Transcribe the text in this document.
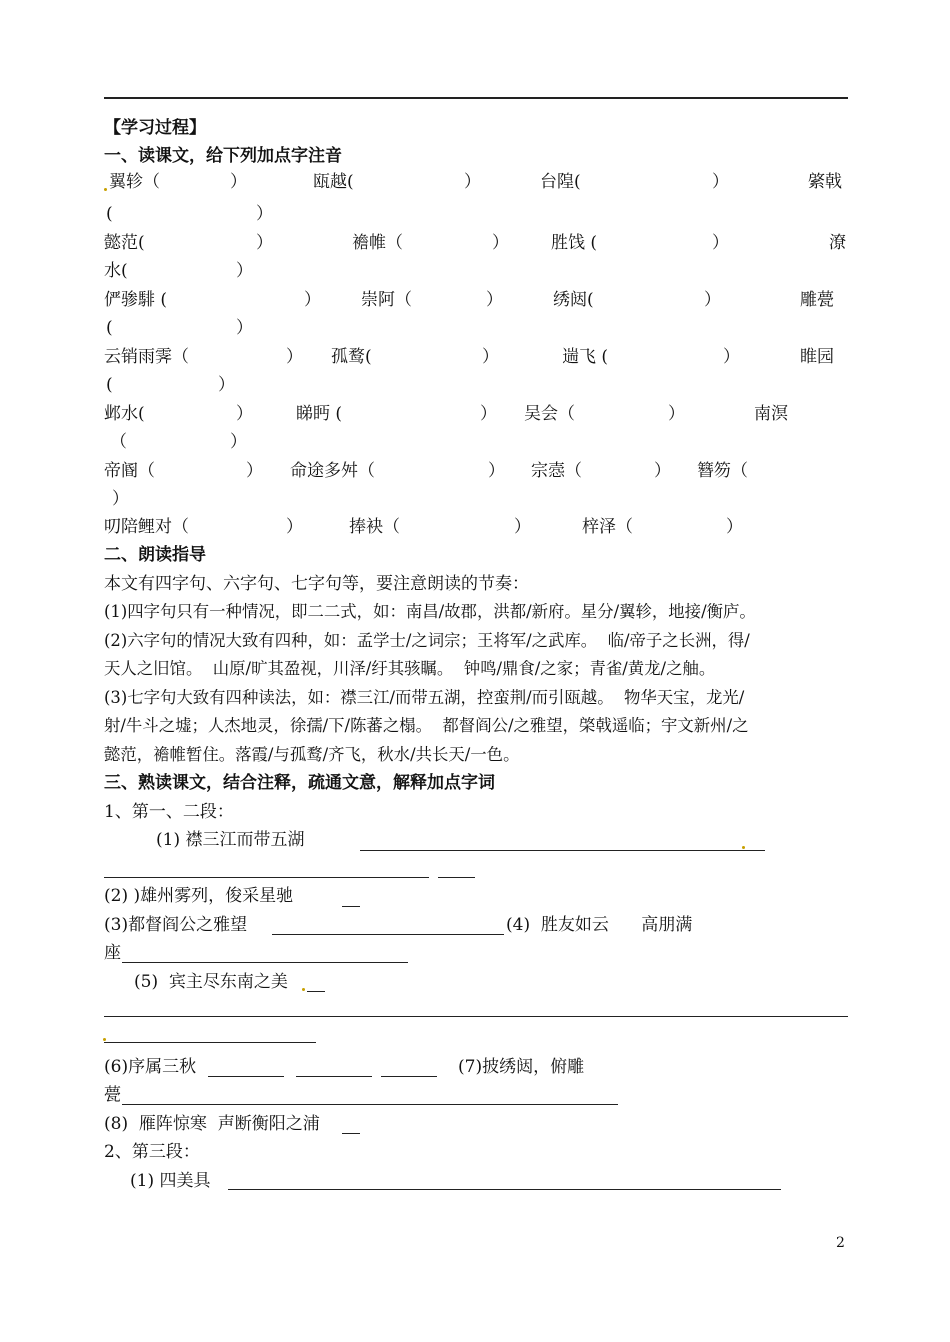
【学习过程】
一、读课文，给下列加点字注音
翼轸（	）	瓯越(	）	台隍(	）	綮戟
(	）
懿范(	）	襜帷（	） 胜饯 (	）	潦
水(	）
俨骖騑 (	） 崇阿（	）	绣闼(	）	雕甍
(	）
云销雨霁（	） 孤鹜(	）	遄飞 (	）	睢园
(	）
邺水(	）	睇眄 (	） 吴会（	）	南溟
（	）
帝阍（	） 命途多舛（	） 宗悫（	） 簪笏（
）
叨陪鲤对（	）	捧袂（	）	梓泽（	）
二、朗读指导
本文有四字句、六字句、七字句等，要注意朗读的节奏：
(1)四字句只有一种情况，即二二式，如：南昌/故郡，洪都/新府。星分/翼轸，地接/衡庐。
(2)六字句的情况大致有四种，如：孟学士/之词宗；王将军/之武库。  临/帝子之长洲，得/
天人之旧馆。  山原/旷其盈视，川泽/纡其骇瞩。  钟鸣/鼎食/之家；青雀/黄龙/之舳。
(3)七字句大致有四种读法，如：襟三江/而带五湖，控蛮荆/而引瓯越。  物华天宝，龙光/
射/牛斗之墟；人杰地灵，徐孺/下/陈蕃之榻。  都督阎公/之雅望，棨戟遥临；宇文新州/之
懿范，襜帷暂住。落霞/与孤鹜/齐飞，秋水/共长天/一色。
三、熟读课文，结合注释，疏通文意，解释加点字词
1、第一、二段：
(1) 襟三江而带五湖
(2) )雄州雾列，俊采星驰
(3)都督阎公之雅望	(4)  胜友如云      高朋满
座
(5)  宾主尽东南之美
(6)序属三秋	(7)披绣闼，俯雕
甍
(8)  雁阵惊寒  声断衡阳之浦
2、第三段：
(1) 四美具
2
